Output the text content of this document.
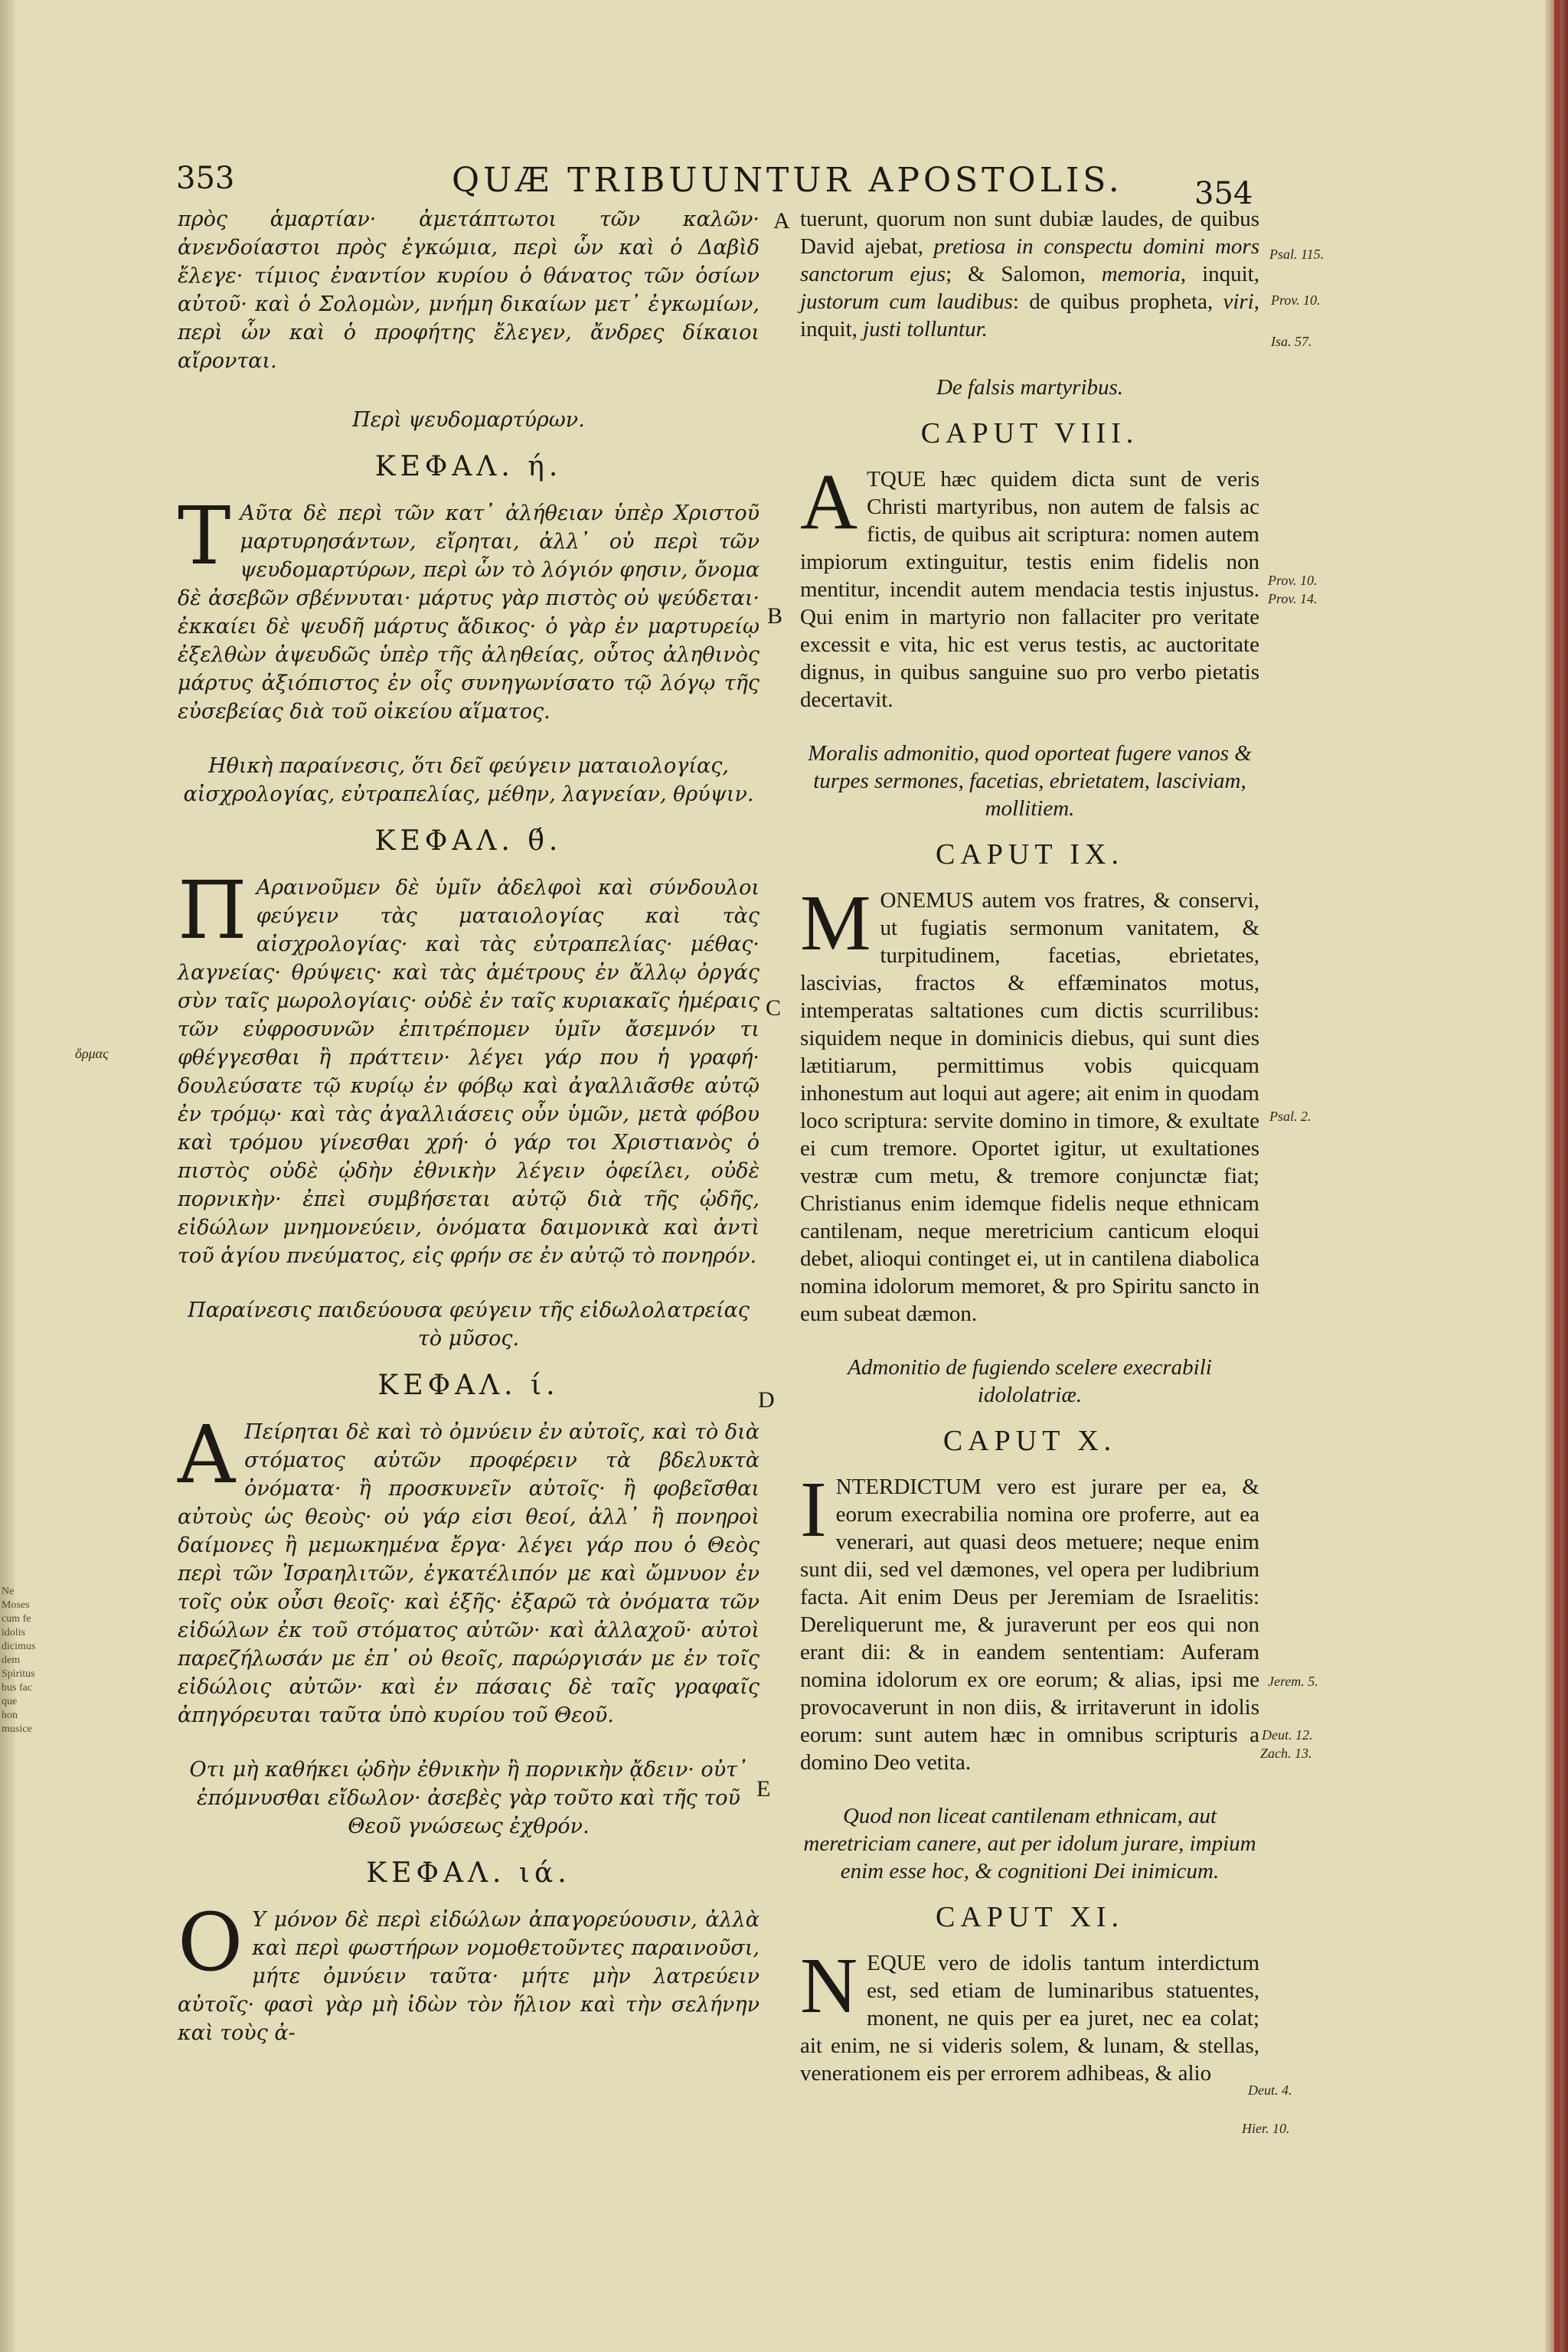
353	QUÆ TRIBUUNTUR APOSTOLIS. 354

πρὸς ἁμαρτίαν· ἀμετάπτωτοι τῶν καλῶν· ἀνενδοίαστοι πρὸς ἐγκώμια, περὶ ὧν καὶ ὁ Δαβὶδ ἔλεγε· τίμιος ἐναντίον κυρίου ὁ θάνατος τῶν ὁσίων αὐτοῦ· καὶ ὁ Σολομὼν, μνήμη δικαίων μετ᾽ ἐγκωμίων, περὶ ὧν καὶ ὁ προφήτης ἔλεγεν, ἄνδρες δίκαιοι αἴρονται.

Περὶ ψευδομαρτύρων.

ΚΕΦΑΛ. ή.

Τ Αῦτα δὲ περὶ τῶν κατ᾽ ἀλήθειαν ὑπὲρ Χριστοῦ μαρτυρησάντων, εἴρηται, ἀλλ᾽ οὐ περὶ τῶν ψευδομαρτύρων, περὶ ὧν τὸ λόγιόν φησιν, ὄνομα δὲ ἀσεβῶν σβέννυται· μάρτυς γὰρ πιστὸς οὐ ψεύδεται· ἐκκαίει δὲ ψευδῆ μάρτυς ἄδικος· ὁ γὰρ ἐν μαρτυρείῳ ἐξελθὼν ἀψευδῶς ὑπὲρ τῆς ἀληθείας, οὗτος ἀληθινὸς μάρτυς ἀξιόπιστος ἐν οἷς συνηγωνίσατο τῷ λόγῳ τῆς εὐσεβείας διὰ τοῦ οἰκείου αἵματος.

Ηθικὴ παραίνεσις, ὅτι δεῖ φεύγειν ματαιολογίας, αἰσχρολογίας, εὐτραπελίας, μέθην, λαγνείαν, θρύψιν.

ΚΕΦΑΛ. θ́.

Π Αραινοῦμεν δὲ ὑμῖν ἀδελφοὶ καὶ σύνδουλοι φεύγειν τὰς ματαιολογίας καὶ τὰς αἰσχρολογίας· καὶ τὰς εὐτραπελίας· μέθας· λαγνείας· θρύψεις· καὶ τὰς ἀμέτρους ἐν ἄλλῳ ὀργάς σὺν ταῖς μωρολογίαις· οὐδὲ ἐν ταῖς κυριακαῖς ἡμέραις τῶν εὐφροσυνῶν ἐπιτρέπομεν ὑμῖν ἄσεμνόν τι φθέγγεσθαι ἢ πράττειν· λέγει γάρ που ἡ γραφή· δουλεύσατε τῷ κυρίῳ ἐν φόβῳ καὶ ἀγαλλιᾶσθε αὐτῷ ἐν τρόμῳ· καὶ τὰς ἀγαλλιάσεις οὖν ὑμῶν, μετὰ φόβου καὶ τρόμου γίνεσθαι χρή· ὁ γάρ τοι Χριστιανὸς ὁ πιστὸς οὐδὲ ᾠδὴν ἐθνικὴν λέγειν ὀφείλει, οὐδὲ πορνικὴν· ἐπεὶ συμβήσεται αὐτῷ διὰ τῆς ᾠδῆς, εἰδώλων μνημονεύειν, ὀνόματα δαιμονικὰ καὶ ἀντὶ τοῦ ἁγίου πνεύματος, εἰς φρήν σε ἐν αὐτῷ τὸ πονηρόν.

Παραίνεσις παιδεύουσα φεύγειν τῆς εἰδωλολατρείας τὸ μῦσος.

ΚΕΦΑΛ. ί.

Α Πείρηται δὲ καὶ τὸ ὀμνύειν ἐν αὐτοῖς, καὶ τὸ διὰ στόματος αὐτῶν προφέρειν τὰ βδελυκτὰ ὀνόματα· ἢ προσκυνεῖν αὐτοῖς· ἢ φοβεῖσθαι αὐτοὺς ὡς θεοὺς· οὐ γάρ εἰσι θεοί, ἀλλ᾽ ἢ πονηροὶ δαίμονες ἢ μεμωκημένα ἔργα· λέγει γάρ που ὁ Θεὸς περὶ τῶν Ἰσραηλιτῶν, ἐγκατέλιπόν με καὶ ὤμνυον ἐν τοῖς οὐκ οὖσι θεοῖς· καὶ ἑξῆς· ἐξαρῶ τὰ ὀνόματα τῶν εἰδώλων ἐκ τοῦ στόματος αὐτῶν· καὶ ἀλλαχοῦ· αὐτοὶ παρεζήλωσάν με ἐπ᾽ οὐ θεοῖς, παρώργισάν με ἐν τοῖς εἰδώλοις αὐτῶν· καὶ ἐν πάσαις δὲ ταῖς γραφαῖς ἀπηγόρευται ταῦτα ὑπὸ κυρίου τοῦ Θεοῦ.

Οτι μὴ καθήκει ᾠδὴν ἐθνικὴν ἢ πορνικὴν ᾄδειν· οὐτ᾽ ἐπόμνυσθαι εἴδωλον· ἀσεβὲς γὰρ τοῦτο καὶ τῆς τοῦ Θεοῦ γνώσεως ἐχθρόν.

ΚΕΦΑΛ. ιά.

Ο Υ μόνον δὲ περὶ εἰδώλων ἀπαγορεύουσιν, ἀλλὰ καὶ περὶ φωστήρων νομοθετοῦντες παραινοῦσι, μήτε ὀμνύειν ταῦτα· μήτε μὴν λατρεύειν αὐτοῖς· φασὶ γὰρ μὴ ἰδὼν τὸν ἥλιον καὶ τὴν σελήνην καὶ τοὺς ἀ-

tuerunt, quorum non sunt dubiæ laudes, de quibus David ajebat, pretiosa in conspectu domini mors sanctorum ejus; & Salomon, memoria, inquit, justorum cum laudibus: de quibus propheta, viri, inquit, justi tolluntur.

De falsis martyribus.

CAPUT VIII.

A TQUE hæc quidem dicta sunt de veris Christi martyribus, non autem de falsis ac fictis, de quibus ait scriptura: nomen autem impiorum extinguitur, testis enim fidelis non mentitur, incendit autem mendacia testis injustus. Qui enim in martyrio non fallaciter pro veritate excessit e vita, hic est verus testis, ac auctoritate dignus, in quibus sanguine suo pro verbo pietatis decertavit.

Moralis admonitio, quod oporteat fugere vanos & turpes sermones, facetias, ebrietatem, lasciviam, mollitiem.

CAPUT IX.

M ONEMUS autem vos fratres, & conservi, ut fugiatis sermonum vanitatem, & turpitudinem, facetias, ebrietates, lascivias, fractos & effæminatos motus, intemperatas saltationes cum dictis scurrilibus: siquidem neque in dominicis diebus, qui sunt dies lætitiarum, permittimus vobis quicquam inhonestum aut loqui aut agere; ait enim in quodam loco scriptura: servite domino in timore, & exultate ei cum tremore. Oportet igitur, ut exultationes vestræ cum metu, & tremore conjunctæ fiat; Christianus enim idemque fidelis neque ethnicam cantilenam, neque meretricium canticum eloqui debet, alioqui continget ei, ut in cantilena diabolica nomina idolorum memoret, & pro Spiritu sancto in eum subeat dæmon.

Admonitio de fugiendo scelere execrabili idololatriæ.

CAPUT X.

I NTERDICTUM vero est jurare per ea, & eorum execrabilia nomina ore proferre, aut ea venerari, aut quasi deos metuere; neque enim sunt dii, sed vel dæmones, vel opera per ludibrium facta. Ait enim Deus per Jeremiam de Israelitis: Dereliquerunt me, & juraverunt per eos qui non erant dii: & in eandem sententiam: Auferam nomina idolorum ex ore eorum; & alias, ipsi me provocaverunt in non diis, & irritaverunt in idolis eorum: sunt autem hæc in omnibus scripturis a domino Deo vetita.

Quod non liceat cantilenam ethnicam, aut meretriciam canere, aut per idolum jurare, impium enim esse hoc, & cognitioni Dei inimicum.

CAPUT XI.

N EQUE vero de idolis tantum interdictum est, sed etiam de luminaribus statuentes, monent, ne quis per ea juret, nec ea colat; ait enim, ne si videris solem, & lunam, & stellas, venerationem eis per errorem adhibeas, & alio
A
B
C
D
E
Psal. 115.
Prov. 10.
Isa. 57.
Prov. 10.
Prov. 14.
Psal. 2.
Jerem. 5.
Deut. 12.
Zach. 13.
Deut. 4.
Hier. 10.
ὅρμας
Ne Moses cum fe idolis dicimus dem Spiritus bus fac que hon musice
